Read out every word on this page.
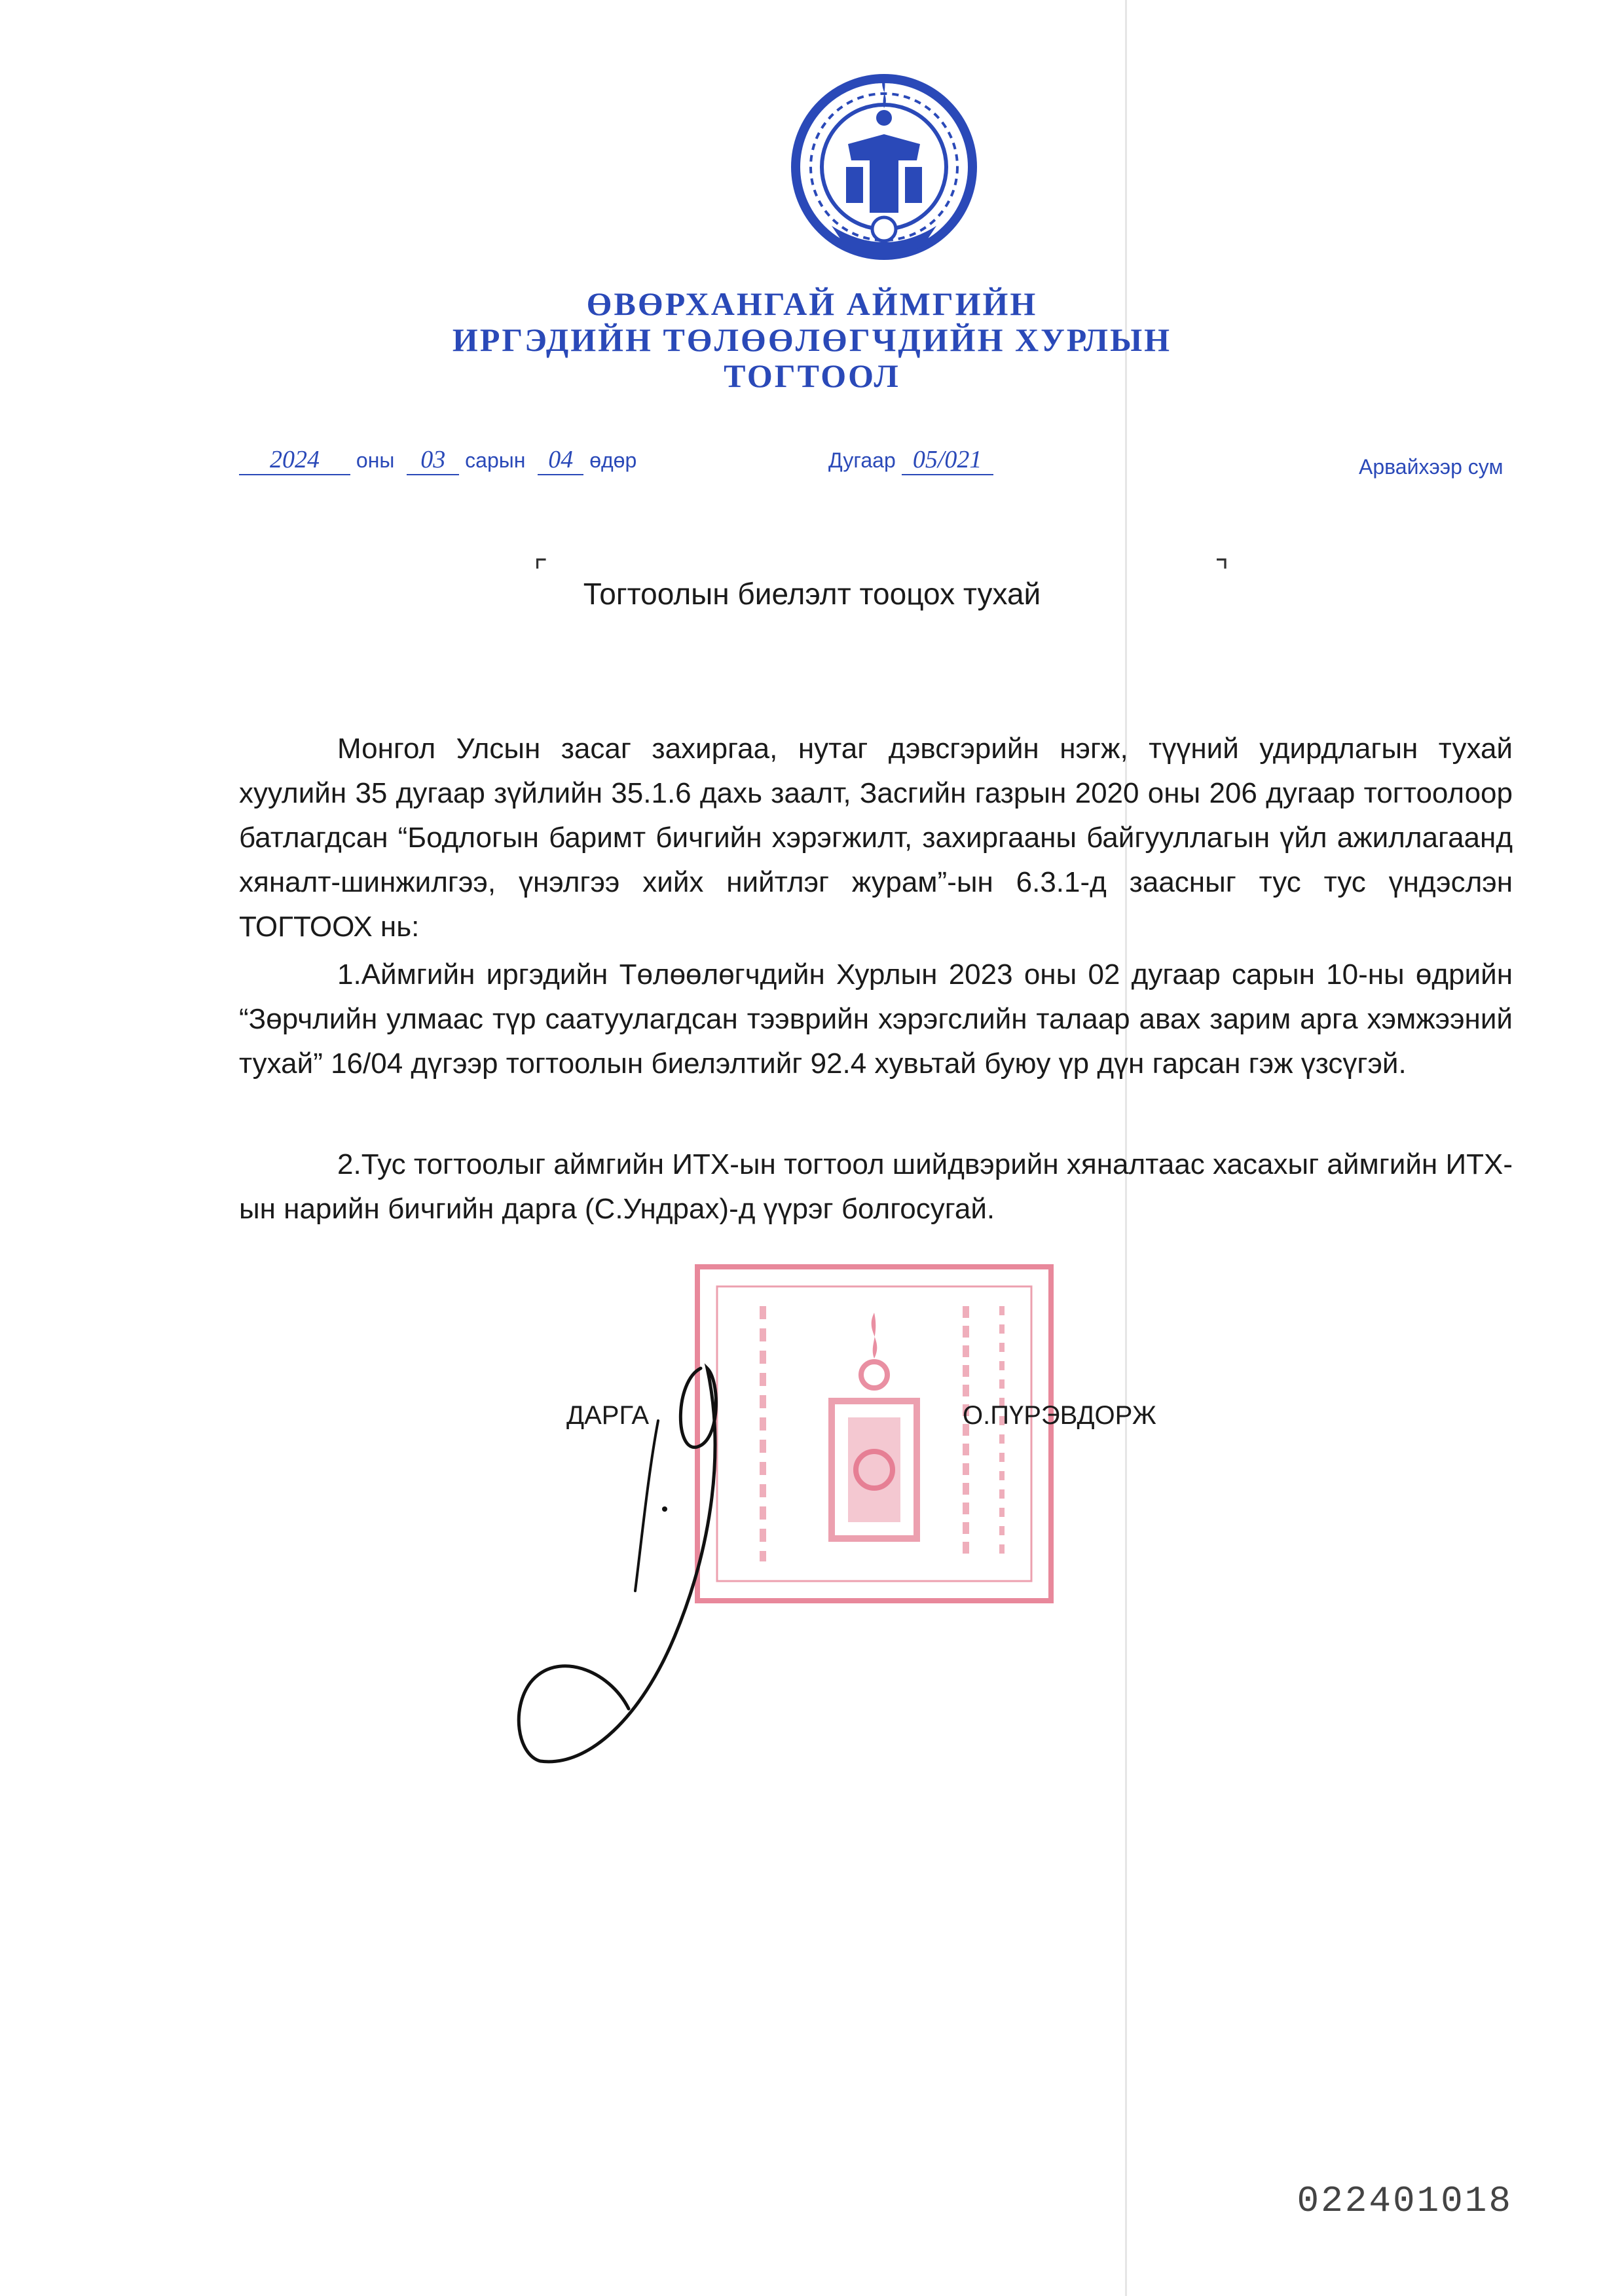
ӨВӨРХАНГАЙ АЙМГИЙН
ИРГЭДИЙН ТӨЛӨӨЛӨГЧДИЙН ХУРЛЫН
ТОГТООЛ
2024 оны 03 сарын 04 өдөр	Дугаар 05/021	Арвайхээр сум
⌜	⌝
Тогтоолын биелэлт тооцох тухай

Монгол Улсын засаг захиргаа, нутаг дэвсгэрийн нэгж, түүний удирдлагын тухай хуулийн 35 дугаар зүйлийн 35.1.6 дахь заалт, Засгийн газрын 2020 оны 206 дугаар тогтоолоор батлагдсан “Бодлогын баримт бичгийн хэрэгжилт, захиргааны байгууллагын үйл ажиллагаанд хяналт-шинжилгээ, үнэлгээ хийх нийтлэг журам”-ын 6.3.1-д заасныг тус тус үндэслэн ТОГТООХ нь:

1.Аймгийн иргэдийн Төлөөлөгчдийн Хурлын 2023 оны 02 дугаар сарын 10-ны өдрийн “Зөрчлийн улмаас түр саатуулагдсан тээврийн хэрэгслийн талаар авах зарим арга хэмжээний тухай” 16/04 дүгээр тогтоолын биелэлтийг 92.4 хувьтай буюу үр дүн гарсан гэж үзсүгэй.

2.Тус тогтоолыг аймгийн ИТХ-ын тогтоол шийдвэрийн хяналтаас хасахыг аймгийн ИТХ-ын нарийн бичгийн дарга (С.Ундрах)-д үүрэг болгосугай.

ДАРГА	О.ПҮРЭВДОРЖ
022401018
